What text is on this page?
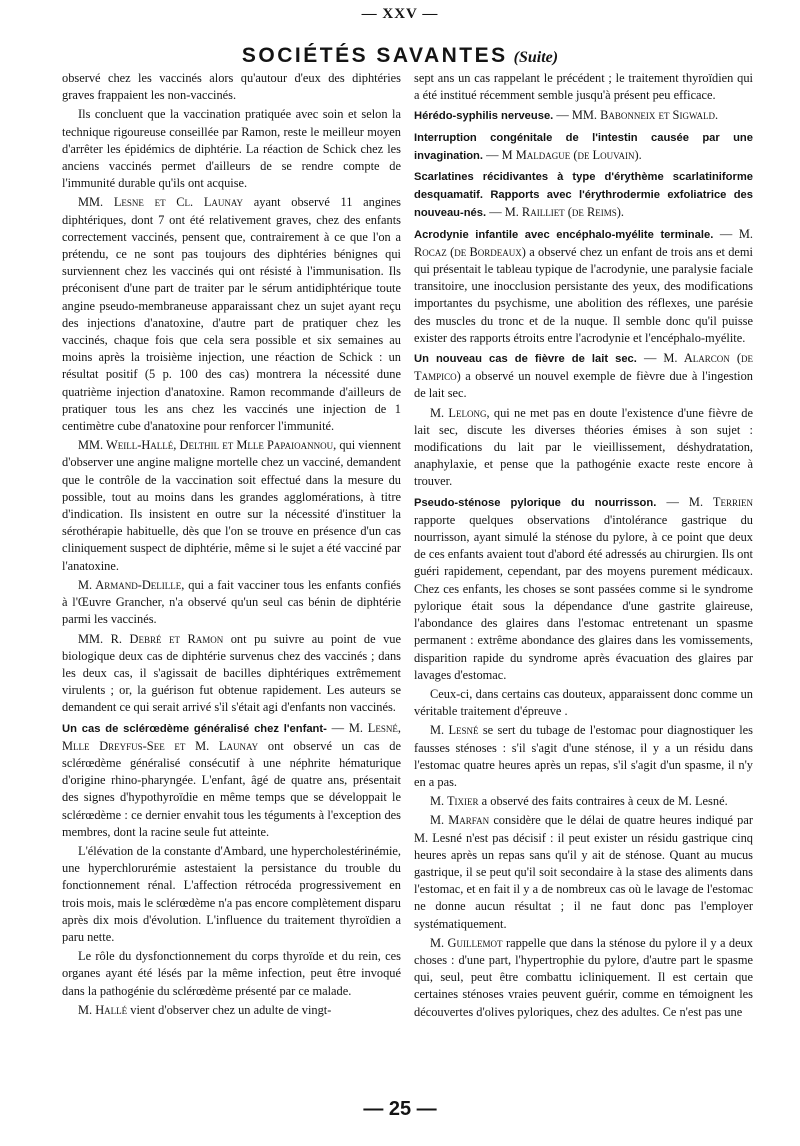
— XXV —
SOCIÉTÉS SAVANTES (Suite)

observé chez les vaccinés alors qu'autour d'eux des diphtéries graves frappaient les non-vaccinés.

Ils concluent que la vaccination pratiquée avec soin et selon la technique rigoureuse conseillée par Ramon, reste le meilleur moyen d'arrêter les épidémics de diphtérie. La réaction de Schick chez les anciens vaccinés permet d'ailleurs de se rendre compte de l'immunité durable qu'ils ont acquise.

MM. Lesne et Cl. Launay ayant observé 11 angines diphtériques, dont 7 ont été relativement graves, chez des enfants correctement vaccinés, pensent que, contrairement à ce que l'on a prétendu, ce ne sont pas toujours des diphtéries bénignes qui surviennent chez les vaccinés qui ont résisté à l'immunisation. Ils préconisent d'une part de traiter par le sérum antidiphtérique toute angine pseudo-membraneuse apparaissant chez un sujet ayant reçu des injections d'anatoxine, d'autre part de pratiquer chez les vaccinés, chaque fois que cela sera possible et six semaines au moins après la troisième injection, une réaction de Schick : un résultat positif (5 p. 100 des cas) montrera la nécessité dune quatrième injection d'anatoxine. Ramon recommande d'ailleurs de pratiquer tous les ans chez les vaccinés une injection de 1 centimètre cube d'anatoxine pour renforcer l'immunité.

MM. Weill-Hallé, Delthil et Mlle Papaioannou, qui viennent d'observer une angine maligne mortelle chez un vacciné, demandent que le contrôle de la vaccination soit effectué dans la mesure du possible, tout au moins dans les grandes agglomérations, à titre d'indication. Ils insistent en outre sur la nécessité d'instituer la sérothérapie habituelle, dès que l'on se trouve en présence d'un cas cliniquement suspect de diphtérie, même si le sujet a été vacciné par l'anatoxine.

M. Armand-Delille, qui a fait vacciner tous les enfants confiés à l'Œuvre Grancher, n'a observé qu'un seul cas bénin de diphtérie parmi les vaccinés.

MM. R. Debré et Ramon ont pu suivre au point de vue biologique deux cas de diphtérie survenus chez des vaccinés ; dans les deux cas, il s'agissait de bacilles diphtériques extrêmement virulents ; or, la guérison fut obtenue rapidement. Les auteurs se demandent ce qui serait arrivé s'il s'était agi d'enfants non vaccinés.

Un cas de sclérœdème généralisé chez l'enfant- — M. Lesné, Mlle Dreyfus-See et M. Launay ont observé un cas de sclérœdème généralisé consécutif à une néphrite hématurique d'origine rhino-pharyngée. L'enfant, âgé de quatre ans, présentait des signes d'hypothyroïdie en même temps que se développait le sclérœdème : ce dernier envahit tous les téguments à l'exception des membres, dont la racine seule fut atteinte.

L'élévation de la constante d'Ambard, une hypercholestérinémie, une hyperchlorurémie astestaient la persistance du trouble du fonctionnement rénal. L'affection rétrocéda progressivement en trois mois, mais le sclérœdème n'a pas encore complètement disparu après dix mois d'évolution. L'influence du traitement thyroïdien a paru nette.

Le rôle du dysfonctionnement du corps thyroïde et du rein, ces organes ayant été lésés par la même infection, peut être invoqué dans la pathogénie du sclérœdème présenté par ce malade.

M. Hallé vient d'observer chez un adulte de vingt-

sept ans un cas rappelant le précédent ; le traitement thyroïdien qui a été institué récemment semble jusqu'à présent peu efficace.

Hérédo-syphilis nerveuse. — MM. Babonneix et Sigwald.

Interruption congénitale de l'intestin causée par une invagination. — M Maldague (de Louvain).

Scarlatines récidivantes à type d'érythème scarlatiniforme desquamatif. Rapports avec l'érythrodermie exfoliatrice des nouveau-nés. — M. Railliet (de Reims).

Acrodynie infantile avec encéphalo-myélite terminale. — M. Rocaz (de Bordeaux) a observé chez un enfant de trois ans et demi qui présentait le tableau typique de l'acrodynie, une paralysie faciale transitoire, une inocclusion persistante des yeux, des modifications importantes du psychisme, une abolition des réflexes, une parésie des muscles du tronc et de la nuque. Il semble donc qu'il puisse exister des rapports étroits entre l'acrodynie et l'encéphalo-myélite.

Un nouveau cas de fièvre de lait sec. — M. Alarcon (de Tampico) a observé un nouvel exemple de fièvre due à l'ingestion de lait sec.

M. Lelong, qui ne met pas en doute l'existence d'une fièvre de lait sec, discute les diverses théories émises à son sujet : modifications du lait par le vieillissement, déshydratation, anaphylaxie, et pense que la pathogénie exacte reste encore à trouver.

Pseudo-sténose pylorique du nourrisson. — M. Terrien rapporte quelques observations d'intolérance gastrique du nourrisson, ayant simulé la sténose du pylore, à ce point que deux de ces enfants avaient tout d'abord été adressés au chirurgien. Ils ont guéri rapidement, cependant, par des moyens purement médicaux. Chez ces enfants, les choses se sont passées comme si le syndrome pylorique était sous la dépendance d'une gastrite glaireuse, l'abondance des glaires dans l'estomac entretenant un spasme permanent : extrême abondance des glaires dans les vomissements, disparition rapide du syndrome après évacuation des glaires par lavages d'estomac.

Ceux-ci, dans certains cas douteux, apparaissent donc comme un véritable traitement d'épreuve .

M. Lesné se sert du tubage de l'estomac pour diagnostiquer les fausses sténoses : s'il s'agit d'une sténose, il y a un résidu dans l'estomac quatre heures après un repas, s'il s'agit d'un spasme, il n'y en a pas.

M. Tixier a observé des faits contraires à ceux de M. Lesné.

M. Marfan considère que le délai de quatre heures indiqué par M. Lesné n'est pas décisif : il peut exister un résidu gastrique cinq heures après un repas sans qu'il y ait de sténose. Quant au mucus gastrique, il se peut qu'il soit secondaire à la stase des aliments dans l'estomac, et en fait il y a de nombreux cas où le lavage de l'estomac ne donne aucun résultat ; il ne faut donc pas l'employer systématiquement.

M. Guillemot rappelle que dans la sténose du pylore il y a deux choses : d'une part, l'hypertrophie du pylore, d'autre part le spasme qui, seul, peut être combattu icliniquement. Il est certain que certaines sténoses vraies peuvent guérir, comme en témoignent les découvertes d'olives pyloriques, chez des adultes. Ce n'est pas une

— 25 —
